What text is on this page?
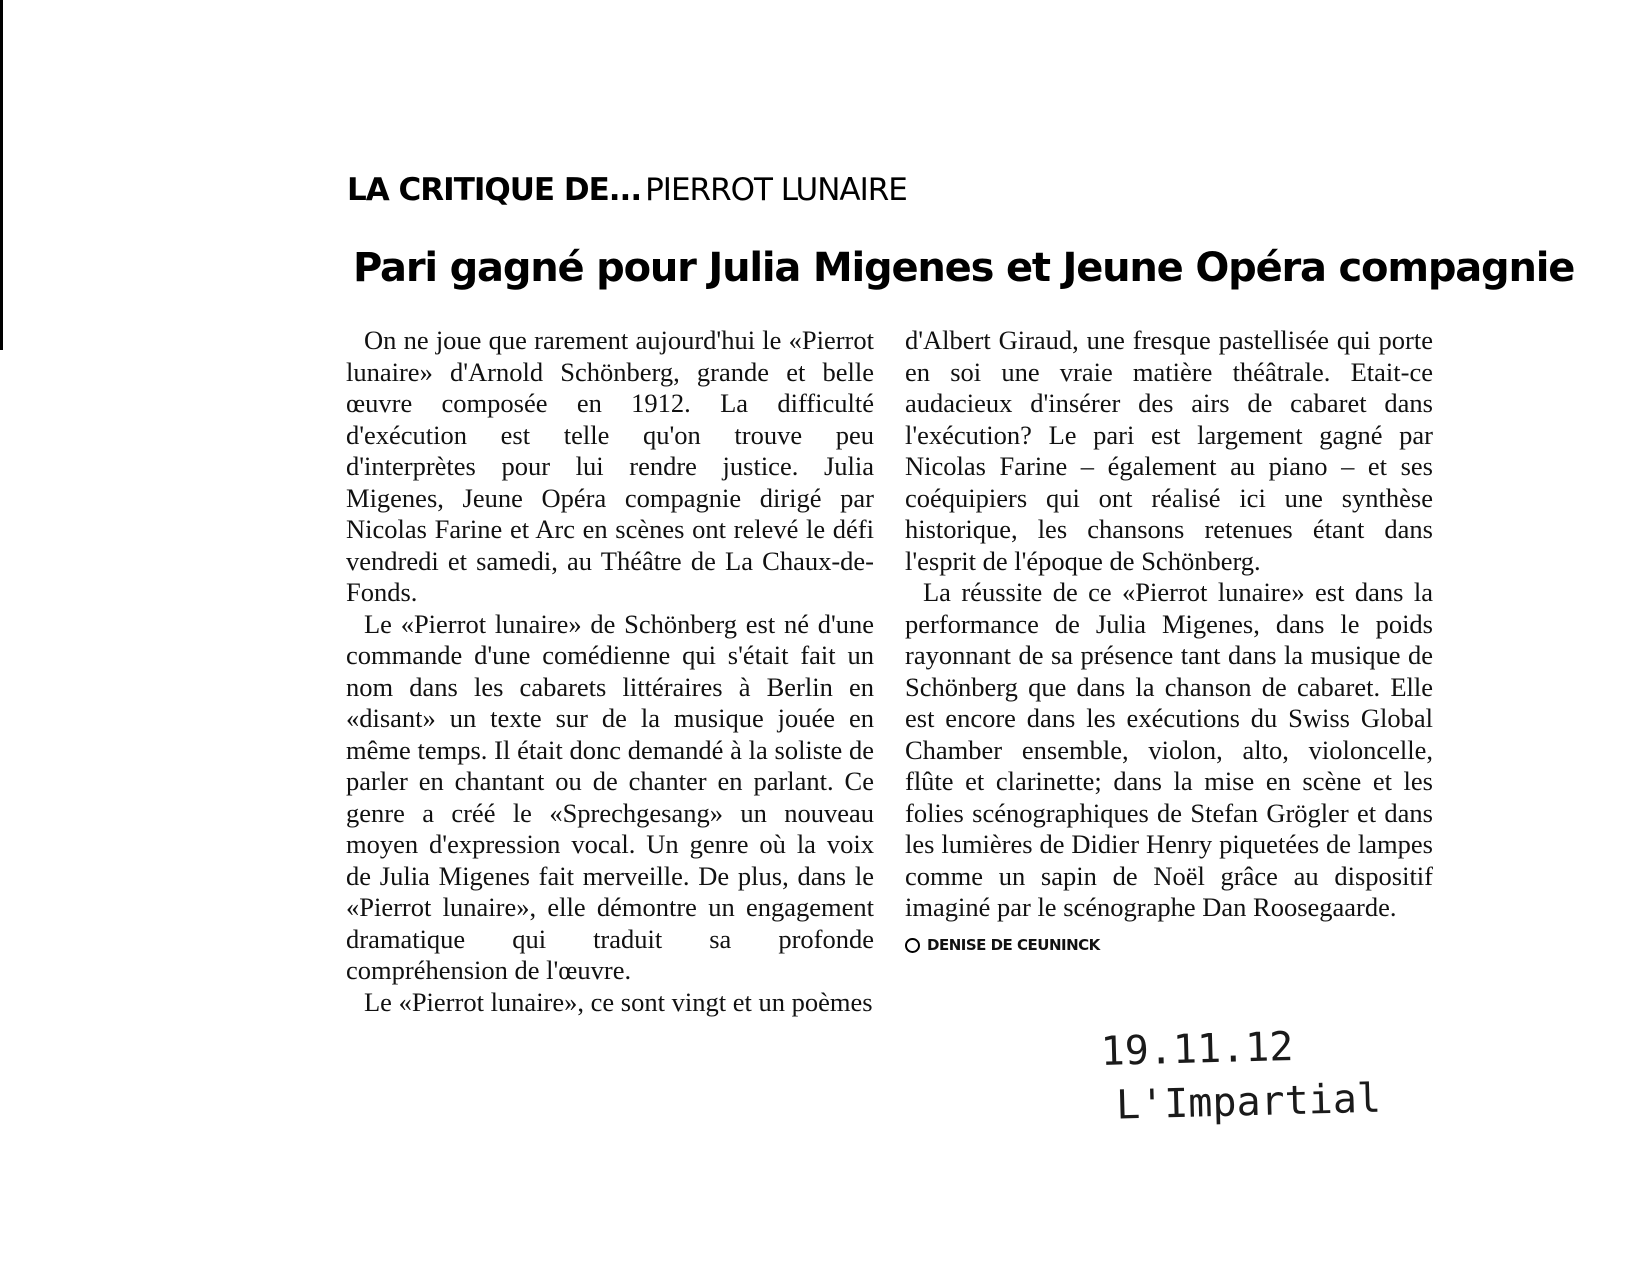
LA CRITIQUE DE... PIERROT LUNAIRE
Pari gagné pour Julia Migenes et Jeune Opéra compagnie

On ne joue que rarement aujourd'hui le «Pierrot lunaire» d'Arnold Schönberg, grande et belle œuvre composée en 1912. La difficulté d'exécution est telle qu'on trouve peu d'interprètes pour lui rendre justice. Julia Migenes, Jeune Opéra compagnie dirigé par Nicolas Farine et Arc en scènes ont relevé le défi vendredi et samedi, au Théâtre de La Chaux-de-Fonds.

Le «Pierrot lunaire» de Schönberg est né d'une commande d'une comédienne qui s'était fait un nom dans les cabarets littéraires à Berlin en «disant» un texte sur de la musique jouée en même temps. Il était donc demandé à la soliste de parler en chantant ou de chanter en parlant. Ce genre a créé le «Sprechgesang» un nouveau moyen d'expression vocal. Un genre où la voix de Julia Migenes fait merveille. De plus, dans le «Pierrot lunaire», elle démontre un engagement dramatique qui traduit sa profonde compréhension de l'œuvre.

Le «Pierrot lunaire», ce sont vingt et un poèmes

d'Albert Giraud, une fresque pastellisée qui porte en soi une vraie matière théâtrale. Etait-ce audacieux d'insérer des airs de cabaret dans l'exécution? Le pari est largement gagné par Nicolas Farine – également au piano – et ses coéquipiers qui ont réalisé ici une synthèse historique, les chansons retenues étant dans l'esprit de l'époque de Schönberg.

La réussite de ce «Pierrot lunaire» est dans la performance de Julia Migenes, dans le poids rayonnant de sa présence tant dans la musique de Schönberg que dans la chanson de cabaret. Elle est encore dans les exécutions du Swiss Global Chamber ensemble, violon, alto, violoncelle, flûte et clarinette; dans la mise en scène et les folies scénographiques de Stefan Grögler et dans les lumières de Didier Henry piquetées de lampes comme un sapin de Noël grâce au dispositif imaginé par le scénographe Dan Roosegaarde.

DENISE DE CEUNINCK
19.11.12
L'Impartial
